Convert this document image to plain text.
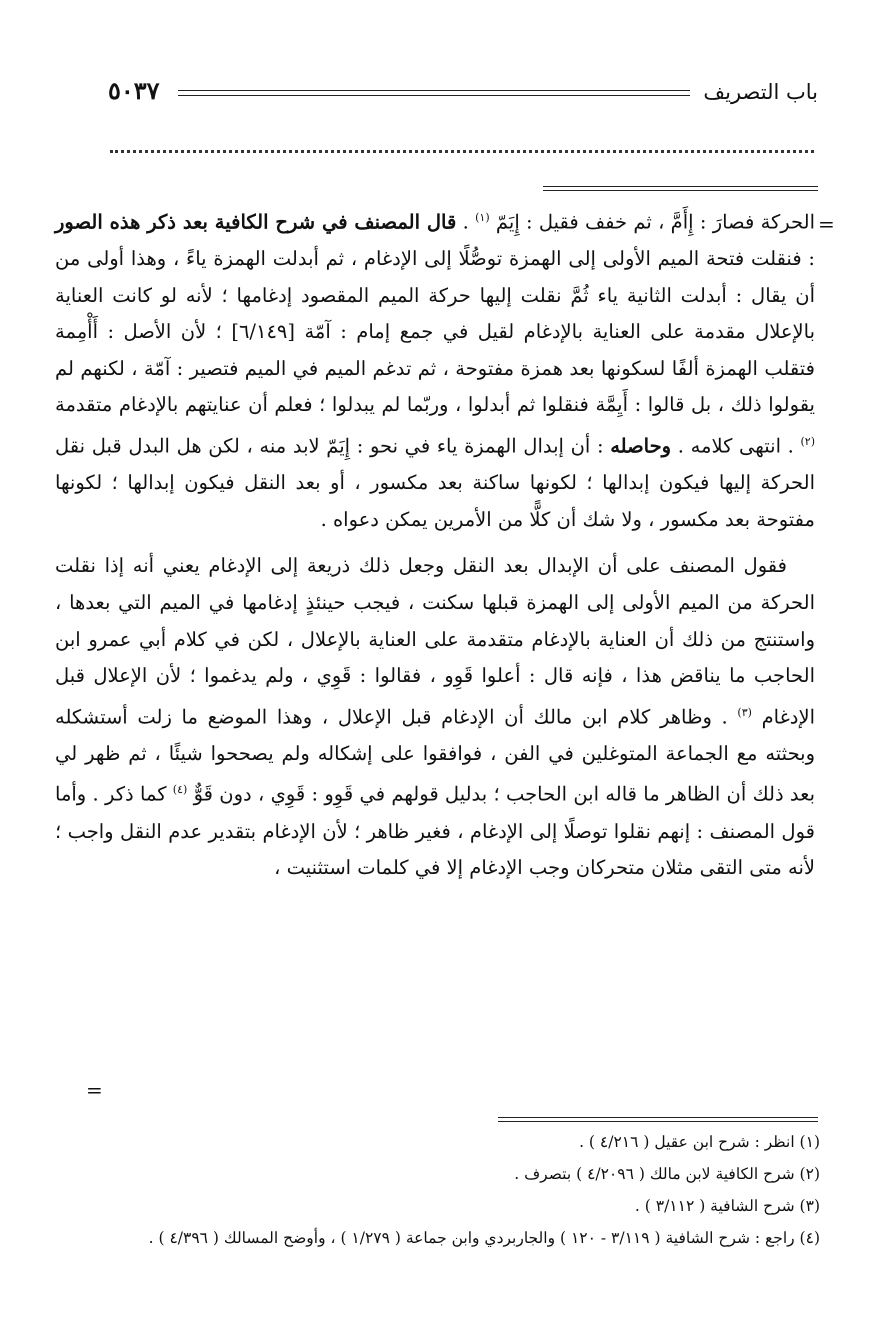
باب التصريف
٥٠٣٧
=

الحركة فصارَ : إِأَمَّ ، ثم خفف فقيل : إِيَمّ $^{(١)}$ . قال المصنف في شرح الكافية بعد ذكر هذه الصور : فنقلت فتحة الميم الأولى إلى الهمزة توصُّلًا إلى الإدغام ، ثم أبدلت الهمزة ياءً ، وهذا أولى من أن يقال : أبدلت الثانية ياء ثُمَّ نقلت إليها حركة الميم المقصود إدغامها ؛ لأنه لو كانت العناية بالإعلال مقدمة على العناية بالإدغام لقيل في جمع إمام : آمّة [٦/١٤٩] ؛ لأن الأصل : أَأْمِمة فتقلب الهمزة ألفًا لسكونها بعد همزة مفتوحة ، ثم تدغم الميم في الميم فتصير : آمّة ، لكنهم لم يقولوا ذلك ، بل قالوا : أَيِمَّة فنقلوا ثم أبدلوا ، وربّما لم يبدلوا ؛ فعلم أن عنايتهم بالإدغام متقدمة $^{(٢)}$ . انتهى كلامه . وحاصله : أن إبدال الهمزة ياء في نحو : إِيَمّ لابد منه ، لكن هل البدل قبل نقل الحركة إليها فيكون إبدالها ؛ لكونها ساكنة بعد مكسور ، أو بعد النقل فيكون إبدالها ؛ لكونها مفتوحة بعد مكسور ، ولا شك أن كلًّا من الأمرين يمكن دعواه .

فقول المصنف على أن الإبدال بعد النقل وجعل ذلك ذريعة إلى الإدغام يعني أنه إذا نقلت الحركة من الميم الأولى إلى الهمزة قبلها سكنت ، فيجب حينئذٍ إدغامها في الميم التي بعدها ، واستنتج من ذلك أن العناية بالإدغام متقدمة على العناية بالإعلال ، لكن في كلام أبي عمرو ابن الحاجب ما يناقض هذا ، فإنه قال : أعلوا قَوِو ، فقالوا : قَوِي ، ولم يدغموا ؛ لأن الإعلال قبل الإدغام $^{(٣)}$ . وظاهر كلام ابن مالك أن الإدغام قبل الإعلال ، وهذا الموضع ما زلت أستشكله وبحثته مع الجماعة المتوغلين في الفن ، فوافقوا على إشكاله ولم يصححوا شيئًا ، ثم ظهر لي بعد ذلك أن الظاهر ما قاله ابن الحاجب ؛ بدليل قولهم في قَوِو : قَوِي ، دون قَوٌّ $^{(٤)}$ كما ذكر . وأما قول المصنف : إنهم نقلوا توصلًا إلى الإدغام ، فغير ظاهر ؛ لأن الإدغام بتقدير عدم النقل واجب ؛ لأنه متى التقى مثلان متحركان وجب الإدغام إلا في كلمات استثنيت ،

=
(١) انظر : شرح ابن عقيل ( ٤/٢١٦ ) .
(٢) شرح الكافية لابن مالك ( ٤/٢٠٩٦ ) بتصرف .
(٣) شرح الشافية ( ٣/١١٢ ) .
(٤) راجع : شرح الشافية ( ٣/١١٩ - ١٢٠ ) والجاربردي وابن جماعة ( ١/٢٧٩ ) ، وأوضح المسالك ( ٤/٣٩٦ ) .
